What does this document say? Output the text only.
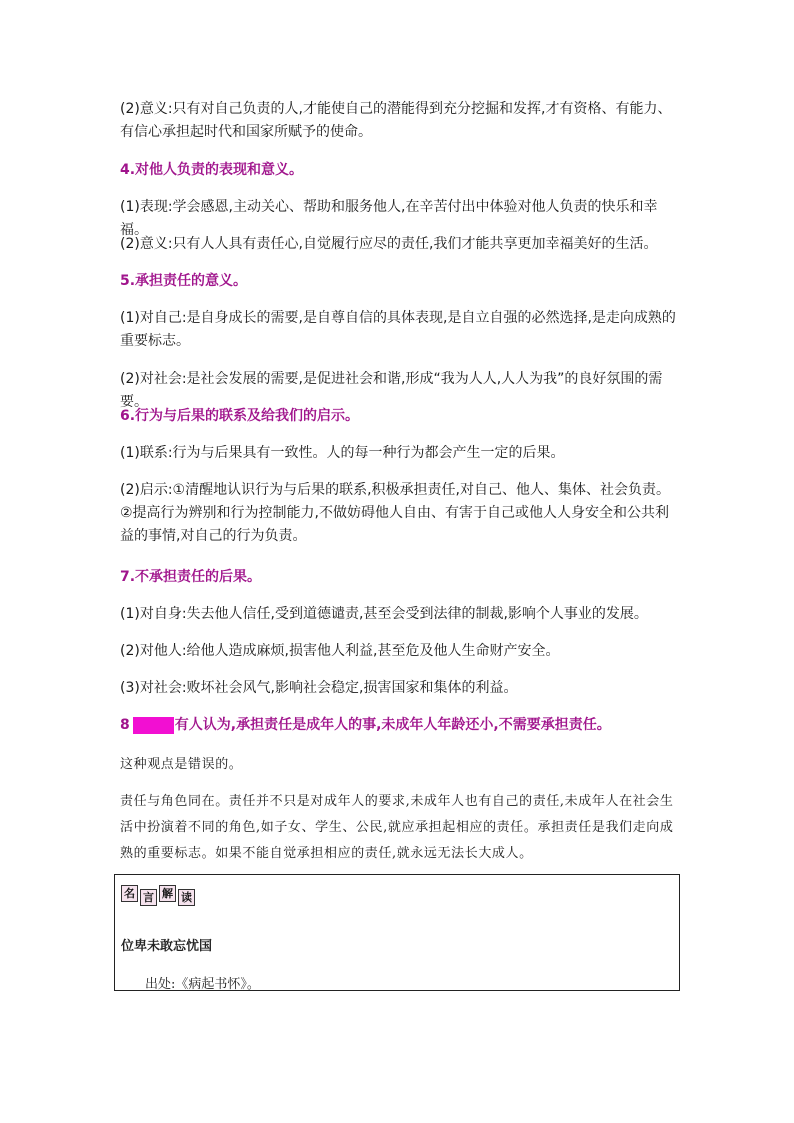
(2)意义:只有对自己负责的人,才能使自己的潜能得到充分挖掘和发挥,才有资格、有能力、有信心承担起时代和国家所赋予的使命。

4.对他人负责的表现和意义。

(1)表现:学会感恩,主动关心、帮助和服务他人,在辛苦付出中体验对他人负责的快乐和幸福。

(2)意义:只有人人具有责任心,自觉履行应尽的责任,我们才能共享更加幸福美好的生活。

5.承担责任的意义。

(1)对自己:是自身成长的需要,是自尊自信的具体表现,是自立自强的必然选择,是走向成熟的重要标志。

(2)对社会:是社会发展的需要,是促进社会和谐,形成“我为人人,人人为我”的良好氛围的需要。

6.行为与后果的联系及给我们的启示。

(1)联系:行为与后果具有一致性。人的每一种行为都会产生一定的后果。

(2)启示:①清醒地认识行为与后果的联系,积极承担责任,对自己、他人、集体、社会负责。②提高行为辨别和行为控制能力,不做妨碍他人自由、有害于自己或他人人身安全和公共利益的事情,对自己的行为负责。

7.不承担责任的后果。

(1)对自身:失去他人信任,受到道德谴责,甚至会受到法律的制裁,影响个人事业的发展。

(2)对他人:给他人造成麻烦,损害他人利益,甚至危及他人生命财产安全。

(3)对社会:败坏社会风气,影响社会稳定,损害国家和集体的利益。

8	有人认为,承担责任是成年人的事,未成年人年龄还小,不需要承担责任。

这种观点是错误的。

责任与角色同在。责任并不只是对成年人的要求,未成年人也有自己的责任,未成年人在社会生活中扮演着不同的角色,如子女、学生、公民,就应承担起相应的责任。承担责任是我们走向成熟的重要标志。如果不能自觉承担相应的责任,就永远无法长大成人。

名 言 解 读
位卑未敢忘忧国
出处:《病起书怀》。
